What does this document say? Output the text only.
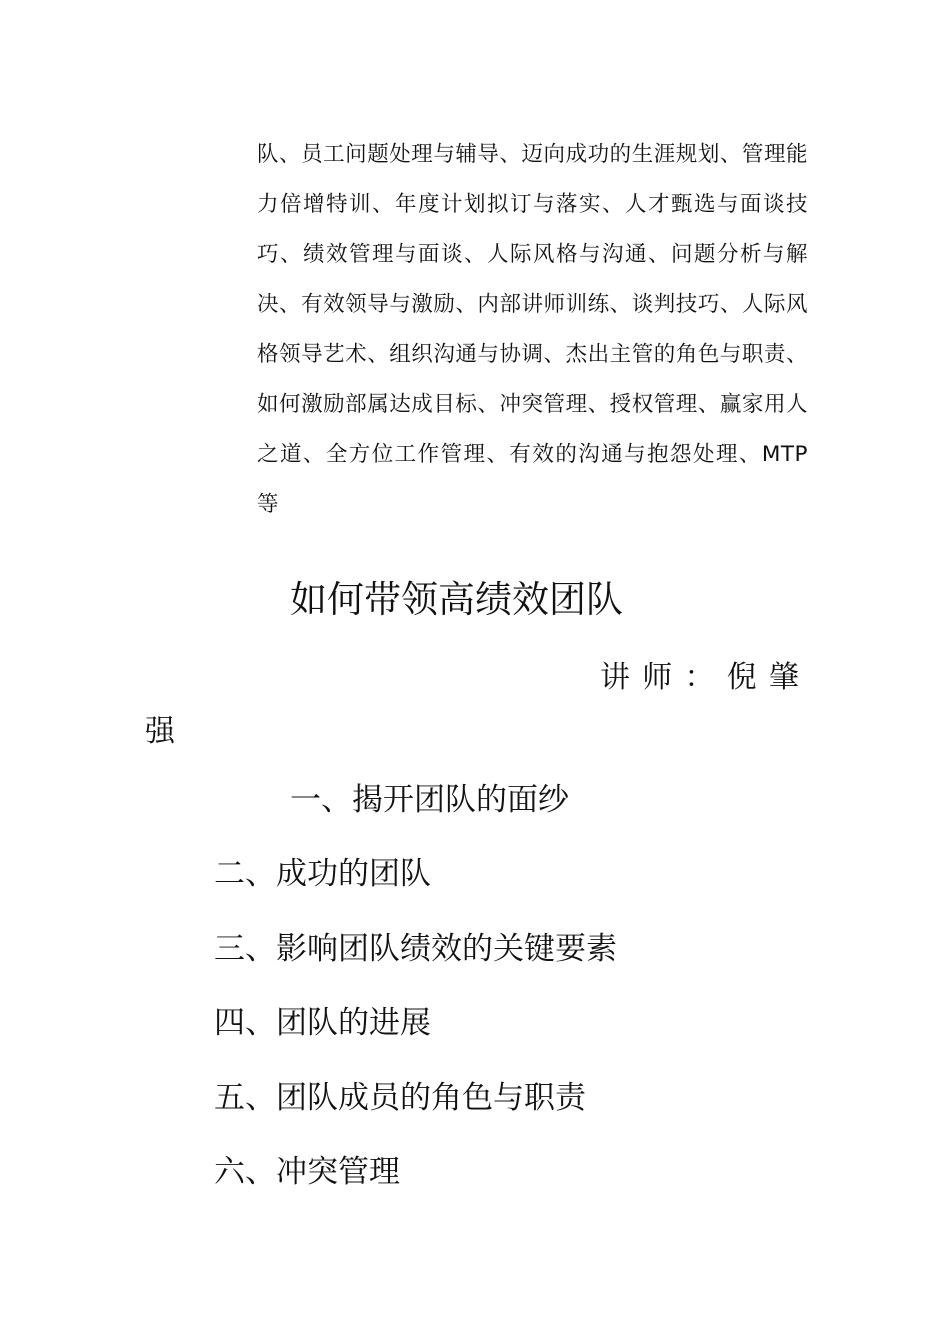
队、员工问题处理与辅导、迈向成功的生涯规划、管理能力倍增特训、年度计划拟订与落实、人才甄选与面谈技巧、绩效管理与面谈、人际风格与沟通、问题分析与解决、有效领导与激励、内部讲师训练、谈判技巧、人际风格领导艺术、组织沟通与协调、杰出主管的角色与职责、如何激励部属达成目标、冲突管理、授权管理、赢家用人之道、全方位工作管理、有效的沟通与抱怨处理、MTP等

如何带领高绩效团队

讲师：倪肇强

一、揭开团队的面纱
二、成功的团队
三、影响团队绩效的关键要素
四、团队的进展
五、团队成员的角色与职责
六、冲突管理
